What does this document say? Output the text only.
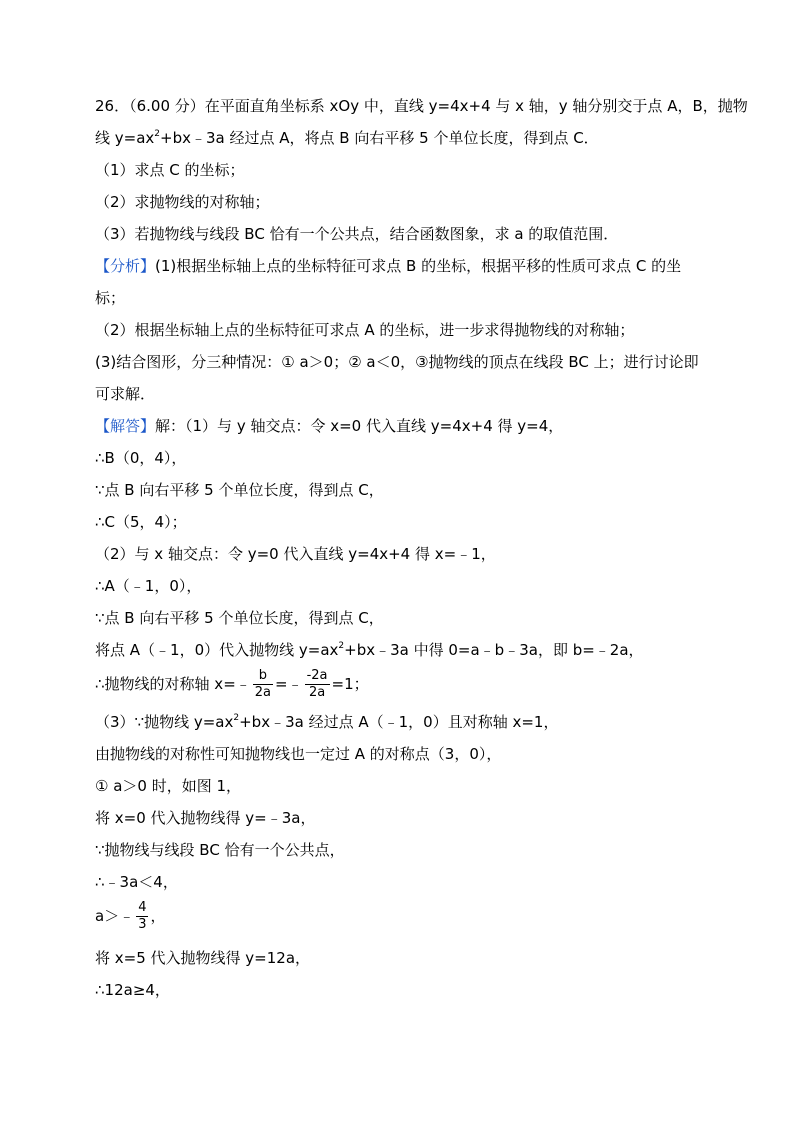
26．（6.00 分）在平面直角坐标系 xOy 中，直线 y=4x+4 与 x 轴，y 轴分别交于点 A，B，抛物
线 $y=ax^2+bx﹣3a$ 经过点 A，将点 B 向右平移 5 个单位长度，得到点 C．
（1）求点 C 的坐标；
（2）求抛物线的对称轴；
（3）若抛物线与线段 BC 恰有一个公共点，结合函数图象，求 a 的取值范围．
【分析】(1)根据坐标轴上点的坐标特征可求点 B 的坐标，根据平移的性质可求点 C 的坐
标；
（2）根据坐标轴上点的坐标特征可求点 A 的坐标，进一步求得抛物线的对称轴；
(3)结合图形，分三种情况：① a＞0；② a＜0，③抛物线的顶点在线段 BC 上；进行讨论即
可求解．
【解答】解：（1）与 y 轴交点：令 x=0 代入直线 y=4x+4 得 y=4，
∴B（0，4），
∵点 B 向右平移 5 个单位长度，得到点 C，
∴C（5，4）；
（2）与 x 轴交点：令 y=0 代入直线 y=4x+4 得 x=﹣1，
∴A（﹣1，0），
∵点 B 向右平移 5 个单位长度，得到点 C，
将点 A（﹣1，0）代入抛物线 $y=ax^2+bx﹣3a$ 中得 0=a﹣b﹣3a，即 b=﹣2a，
∴抛物线的对称轴 x=﹣ $\frac{b}{2a}$ =﹣ $\frac{-2a}{2a} =1$；
（3）∵抛物线 $y=ax^2+bx﹣3a$ 经过点 A（﹣1，0）且对称轴 x=1，
由抛物线的对称性可知抛物线也一定过 A 的对称点（3，0），
① a＞0 时，如图 1，
将 x=0 代入抛物线得 y=﹣3a，
∵抛物线与线段 BC 恰有一个公共点，
∴﹣3a＜4，
a＞﹣ $\frac{4}{3}$ ，
将 x=5 代入抛物线得 y=12a，
∴12a≥4，
